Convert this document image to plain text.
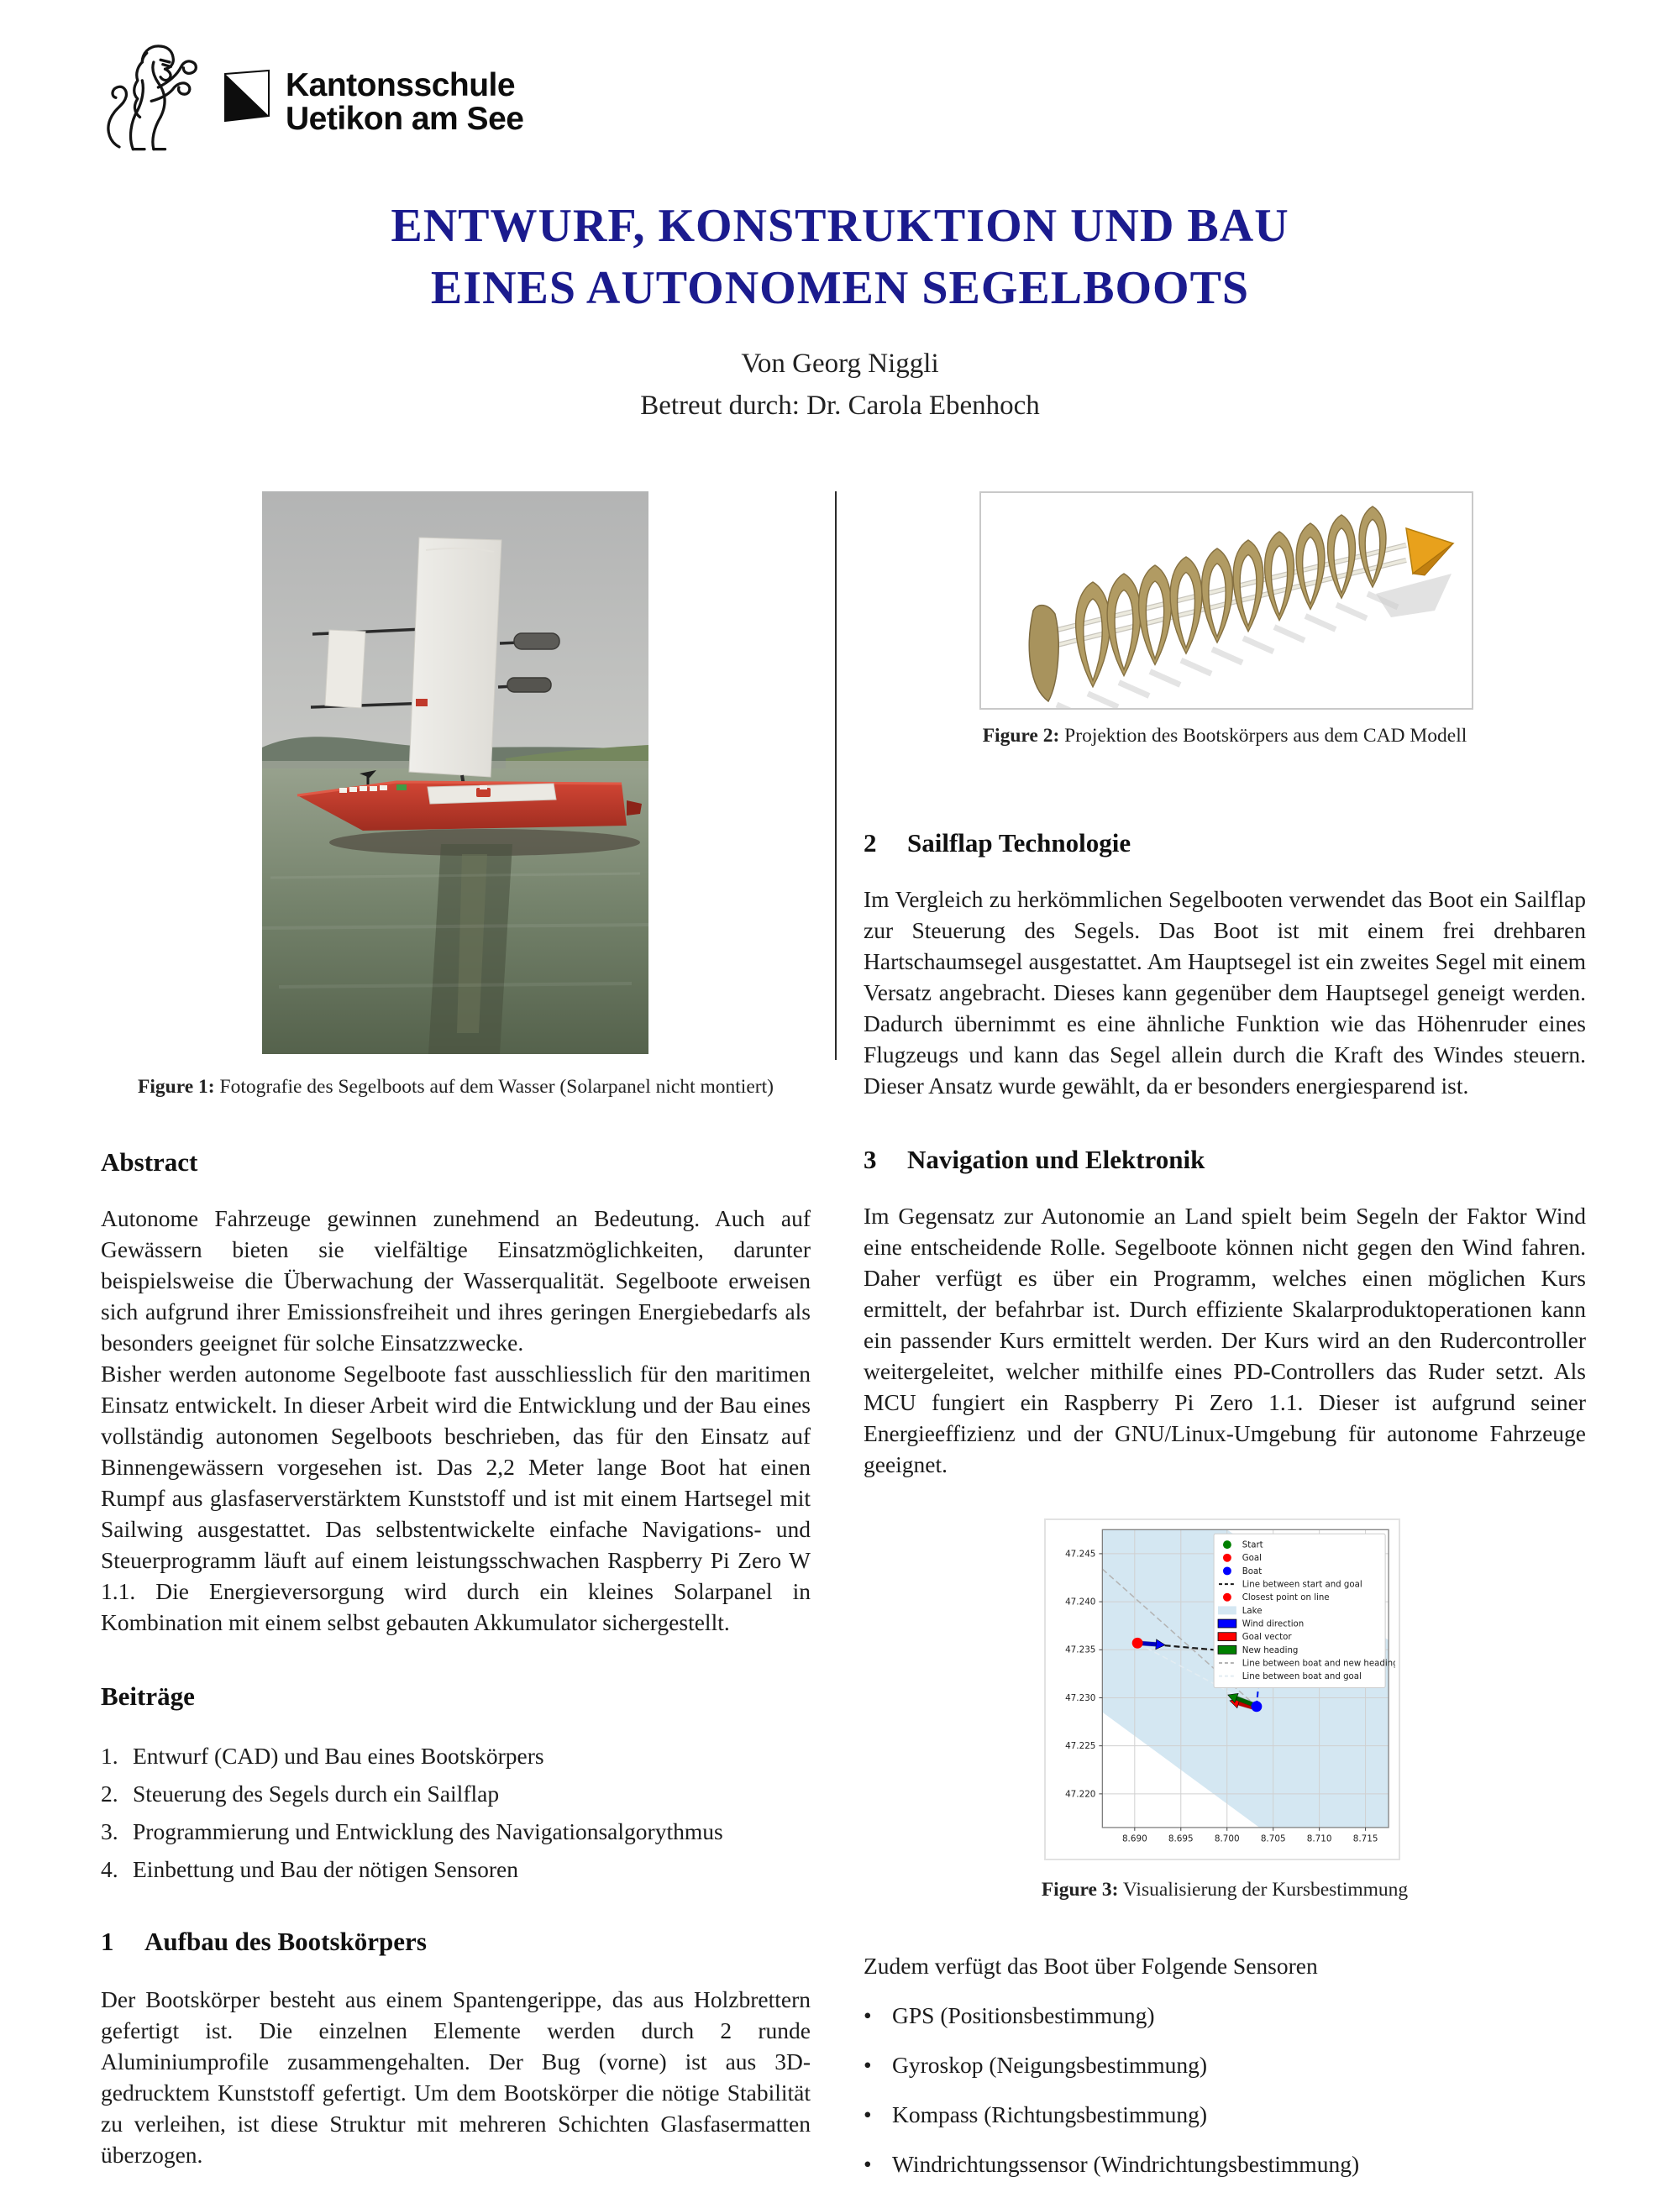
Kantonsschule
Uetikon am See
ENTWURF, KONSTRUKTION UND BAU
EINES AUTONOMEN SEGELBOOTS
Von Georg Niggli
Betreut durch: Dr. Carola Ebenhoch
Figure 1: Fotografie des Segelboots auf dem Wasser (Solarpanel nicht montiert)
Abstract
Autonome Fahrzeuge gewinnen zunehmend an Bedeutung. Auch auf Gewässern bieten sie vielfältige Einsatzmöglichkeiten, darunter beispielsweise die Überwachung der Wasserqualität. Segelboote erweisen sich aufgrund ihrer Emissionsfreiheit und ihres geringen Energiebedarfs als besonders geeignet für solche Einsatzzwecke.
Bisher werden autonome Segelboote fast ausschliesslich für den maritimen Einsatz entwickelt. In dieser Arbeit wird die Entwicklung und der Bau eines vollständig autonomen Segelboots beschrieben, das für den Einsatz auf Binnengewässern vorgesehen ist. Das 2,2 Meter lange Boot hat einen Rumpf aus glasfaserverstärktem Kunststoff und ist mit einem Hartsegel mit Sailwing ausgestattet. Das selbstentwickelte einfache Navigations- und Steuerprogramm läuft auf einem leistungsschwachen Raspberry Pi Zero W 1.1. Die Energieversorgung wird durch ein kleines Solarpanel in Kombination mit einem selbst gebauten Akkumulator sichergestellt.
Beiträge
1. Entwurf (CAD) und Bau eines Bootskörpers
2. Steuerung des Segels durch ein Sailflap
3. Programmierung und Entwicklung des Navigationsalgorythmus
4. Einbettung und Bau der nötigen Sensoren
1 Aufbau des Bootskörpers
Der Bootskörper besteht aus einem Spantengerippe, das aus Holzbrettern gefertigt ist. Die einzelnen Elemente werden durch 2 runde Aluminiumprofile zusammengehalten. Der Bug (vorne) ist aus 3D-gedrucktem Kunststoff gefertigt. Um dem Bootskörper die nötige Stabilität zu verleihen, ist diese Struktur mit mehreren Schichten Glasfasermatten überzogen.
Figure 2: Projektion des Bootskörpers aus dem CAD Modell
2 Sailflap Technologie
Im Vergleich zu herkömmlichen Segelbooten verwendet das Boot ein Sailflap zur Steuerung des Segels. Das Boot ist mit einem frei drehbaren Hartschaumsegel ausgestattet. Am Hauptsegel ist ein zweites Segel mit einem Versatz angebracht. Dieses kann gegenüber dem Hauptsegel geneigt werden. Dadurch übernimmt es eine ähnliche Funktion wie das Höhenruder eines Flugzeugs und kann das Segel allein durch die Kraft des Windes steuern. Dieser Ansatz wurde gewählt, da er besonders energiesparend ist.
3 Navigation und Elektronik
Im Gegensatz zur Autonomie an Land spielt beim Segeln der Faktor Wind eine entscheidende Rolle. Segelboote können nicht gegen den Wind fahren. Daher verfügt es über ein Programm, welches einen möglichen Kurs ermittelt, der befahrbar ist. Durch effiziente Skalarproduktoperationen kann ein passender Kurs ermittelt werden. Der Kurs wird an den Rudercontroller weitergeleitet, welcher mithilfe eines PD-Controllers das Ruder setzt. Als MCU fungiert ein Raspberry Pi Zero 1.1. Dieser ist aufgrund seiner Energieeffizienz und der GNU/Linux-Umgebung für autonome Fahrzeuge geeignet.
8.690 8.695 8.700 8.705 8.710 8.715
47.220
47.225
47.230
47.235
47.240
47.245
Start
Goal
Boat
Line between start and goal
Closest point on line
Lake
Wind direction
Goal vector
New heading
Line between boat and new heading
Line between boat and goal
Figure 3: Visualisierung der Kursbestimmung
Zudem verfügt das Boot über Folgende Sensoren
• GPS (Positionsbestimmung)
• Gyroskop (Neigungsbestimmung)
• Kompass (Richtungsbestimmung)
• Windrichtungssensor (Windrichtungsbestimmung)
